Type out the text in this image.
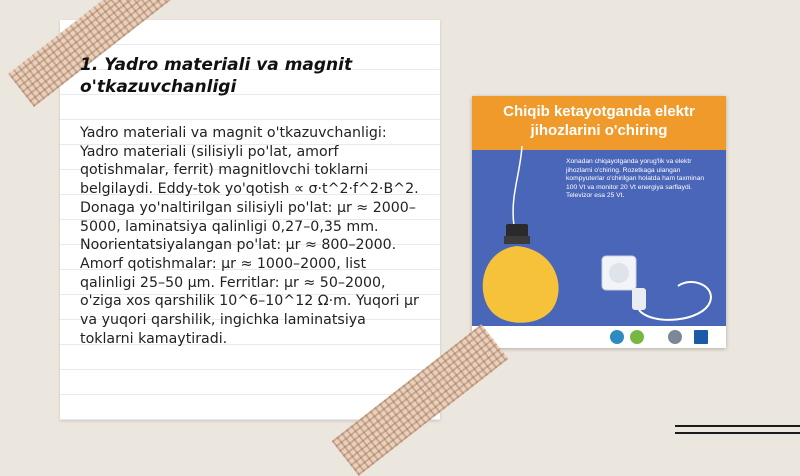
1. Yadro materiali va magnit o'tkazuvchanligi

Yadro materiali va magnit o'tkazuvchanligi: Yadro materiali (silisiyli po'lat, amorf qotishmalar, ferrit) magnitlovchi toklarni belgilaydi. Eddy-tok yo'qotish ∝ σ·t^2·f^2·B^2. Donaga yo'naltirilgan silisiyli po'lat: μr ≈ 2000–5000, laminatsiya qalinligi 0,27–0,35 mm. Noorientatsiyalangan po'lat: μr ≈ 800–2000. Amorf qotishmalar: μr ≈ 1000–2000, list qalinligi 25–50 μm. Ferritlar: μr ≈ 50–2000, o'ziga xos qarshilik 10^6–10^12 Ω·m. Yuqori μr va yuqori qarshilik, ingichka laminatsiya toklarni kamaytiradi.

Chiqib ketayotganda elektr jihozlarini o'chiring
Xonadan chiqayotganda yorug'lik va elektr jihozlarni o'chiring. Rozetkaga ulangan kompyuterlar o'chirilgan holatda ham taxminan 100 Vt va monitor 20 Vt energiya sarflaydi. Televizor esa 25 Vt.
